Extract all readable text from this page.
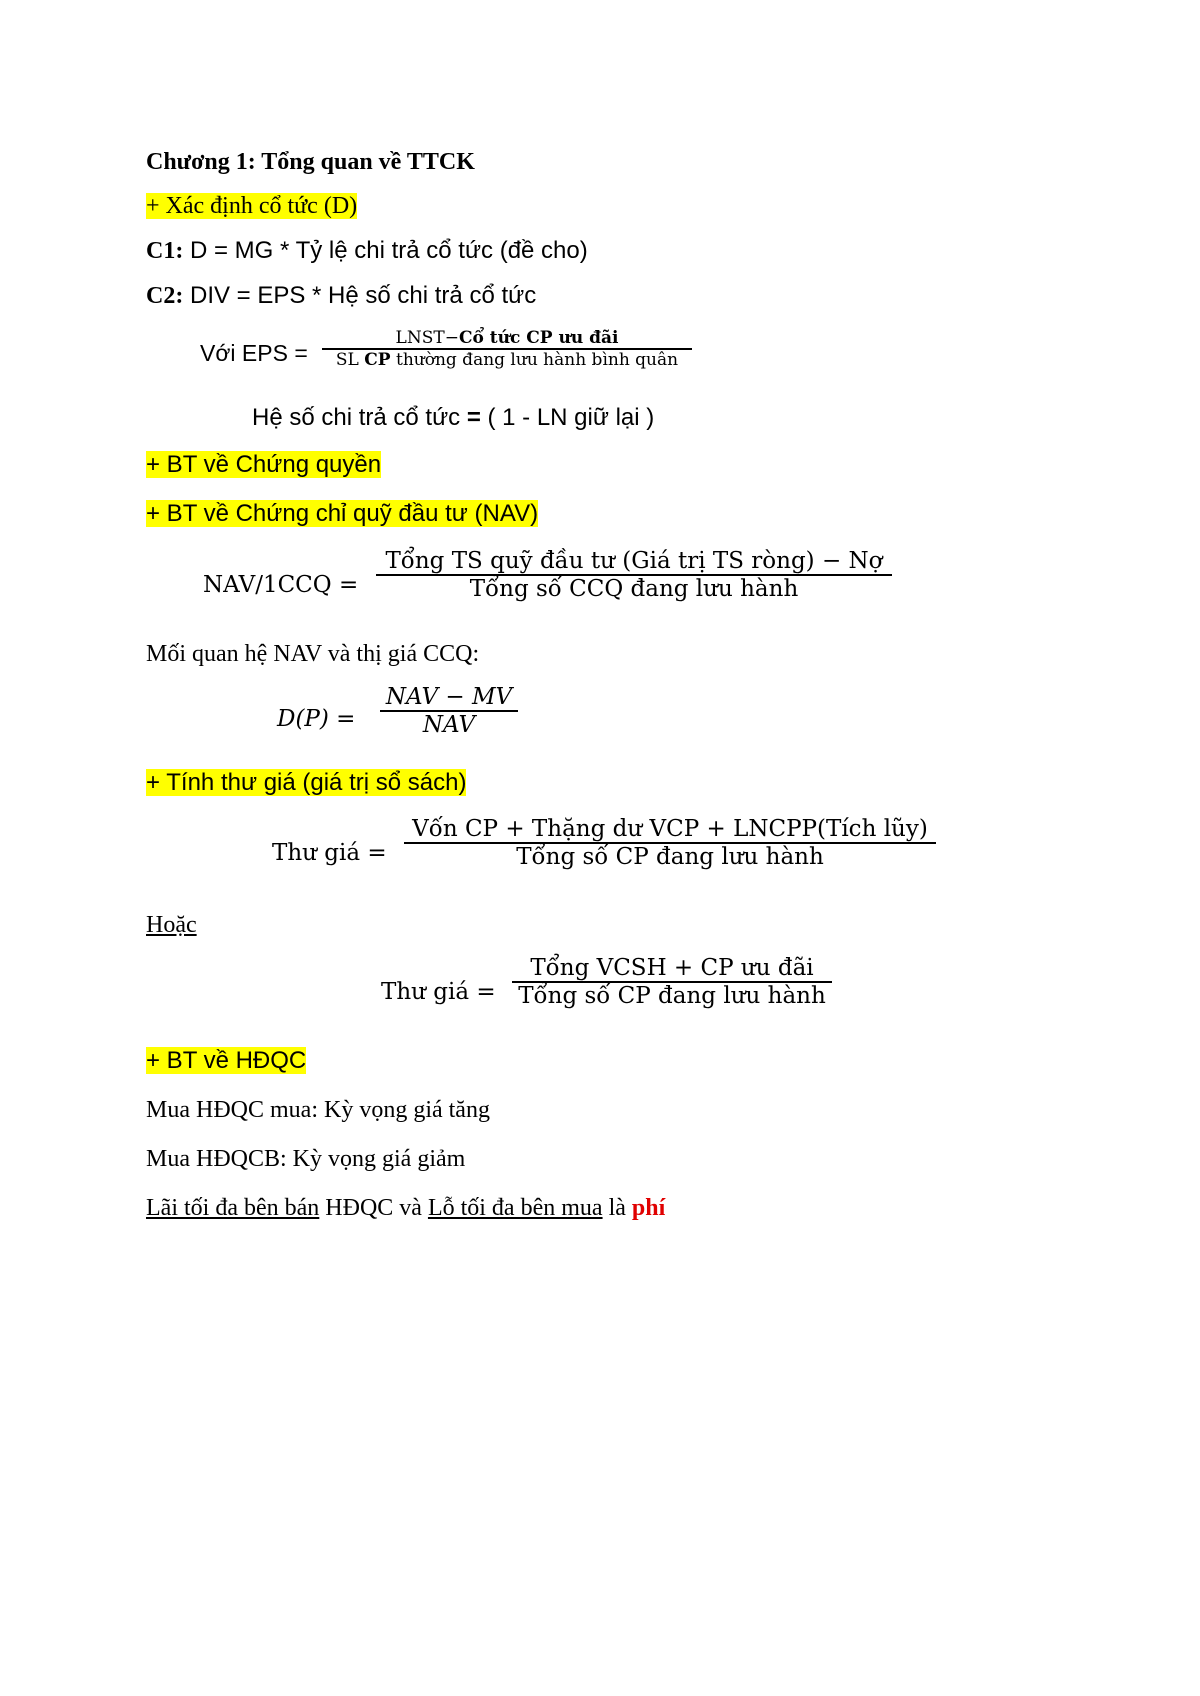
Chương 1: Tổng quan về TTCK
+ Xác định cổ tức (D)
C1: D = MG * Tỷ lệ chi trả cổ tức (đề cho)
C2: DIV = EPS * Hệ số chi trả cổ tức
Với EPS =
LNST−Cổ tức CP ưu đãi
SL CP thường đang lưu hành bình quân
Hệ số chi trả cổ tức = ( 1 - LN giữ lại )
+ BT về Chứng quyền
+ BT về Chứng chỉ quỹ đầu tư (NAV)
NAV/1CCQ =
Tổng TS quỹ đầu tư (Giá trị TS ròng) − Nợ
Tổng số CCQ đang lưu hành
Mối quan hệ NAV và thị giá CCQ:
D(P) =
NAV − MV
NAV
+ Tính thư giá (giá trị sổ sách)
Thư giá =
Vốn CP + Thặng dư VCP + LNCPP(Tích lũy)
Tổng số CP đang lưu hành
Hoặc
Thư giá =
Tổng VCSH + CP ưu đãi
Tổng số CP đang lưu hành
+ BT về HĐQC
Mua HĐQC mua: Kỳ vọng giá tăng
Mua HĐQCB: Kỳ vọng giá giảm
Lãi tối đa bên bán HĐQC và Lỗ tối đa bên mua là phí
